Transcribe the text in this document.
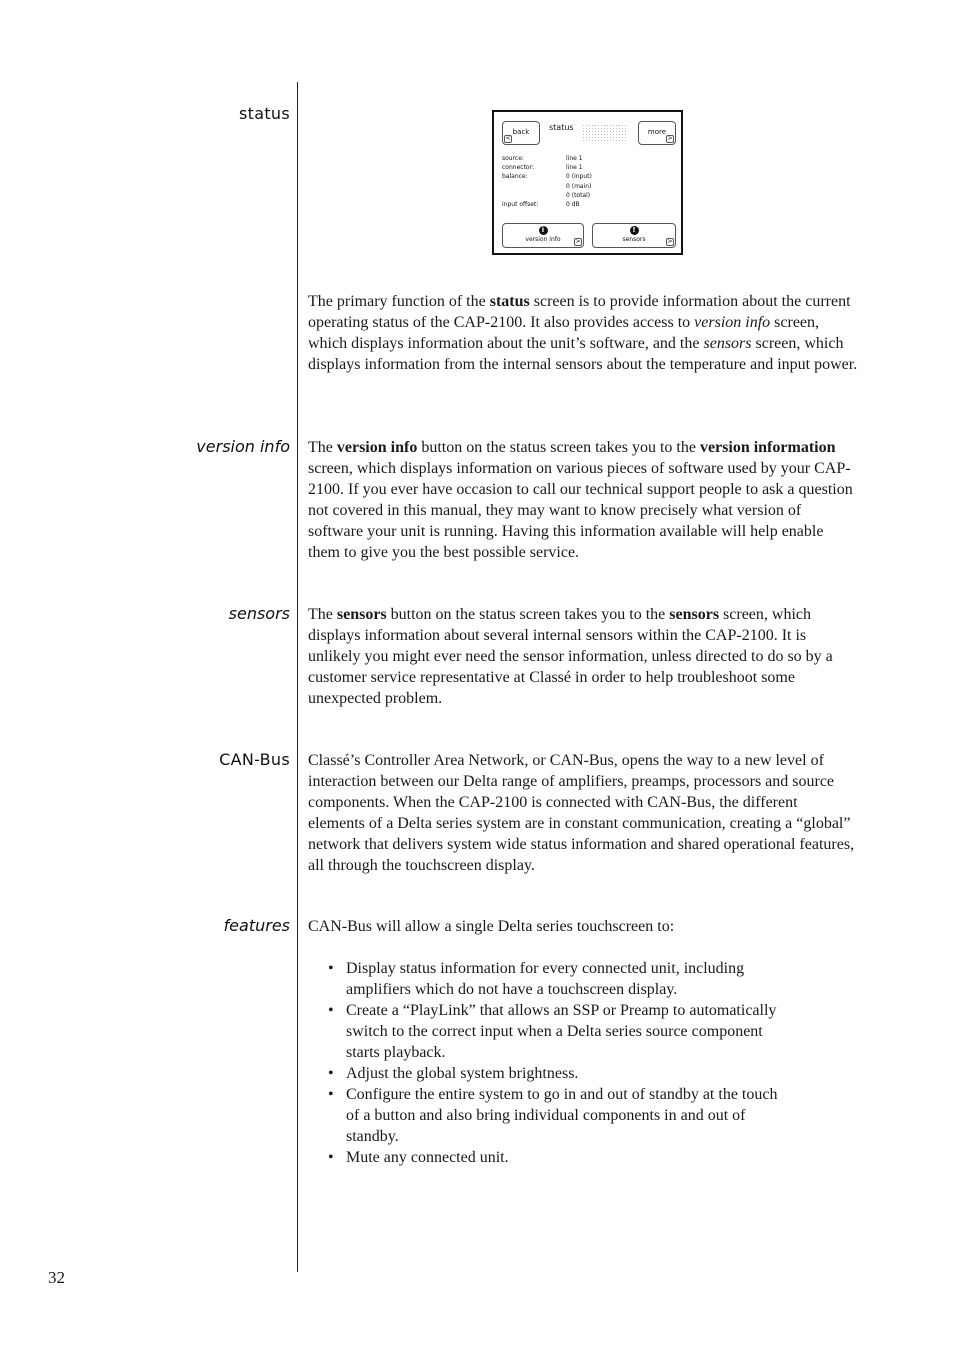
status
back
<
status	more
>
source:	line 1
connector:	line 1
balance:	0 (input)
0 (main)
0 (total)
input offset:	0 dB
i
version info	>
!
sensors	>
The primary function of the status screen is to provide information about the current operating status of the CAP-2100. It also provides access to version info screen, which displays information about the unit’s software, and the sensors screen, which displays information from the internal sensors about the temperature and input power.
version info The version info button on the status screen takes you to the version information screen, which displays information on various pieces of software used by your CAP-2100. If you ever have occasion to call our technical support people to ask a question not covered in this manual, they may want to know precisely what version of software your unit is running. Having this information available will help enable them to give you the best possible service.
sensors The sensors button on the status screen takes you to the sensors screen, which displays information about several internal sensors within the CAP-2100. It is unlikely you might ever need the sensor information, unless directed to do so by a customer service representative at Classé in order to help troubleshoot some unexpected problem.
CAN-Bus Classé’s Controller Area Network, or CAN-Bus, opens the way to a new level of interaction between our Delta range of amplifiers, preamps, processors and source components. When the CAP-2100 is connected with CAN-Bus, the different elements of a Delta series system are in constant communication, creating a “global” network that delivers system wide status information and shared operational features, all through the touchscreen display.
features CAN-Bus will allow a single Delta series touchscreen to:
• Display status information for every connected unit, including amplifiers which do not have a touchscreen display.
• Create a “PlayLink” that allows an SSP or Preamp to automatically switch to the correct input when a Delta series source component starts playback.
• Adjust the global system brightness.
• Configure the entire system to go in and out of standby at the touch of a button and also bring individual components in and out of standby.
• Mute any connected unit.
32
